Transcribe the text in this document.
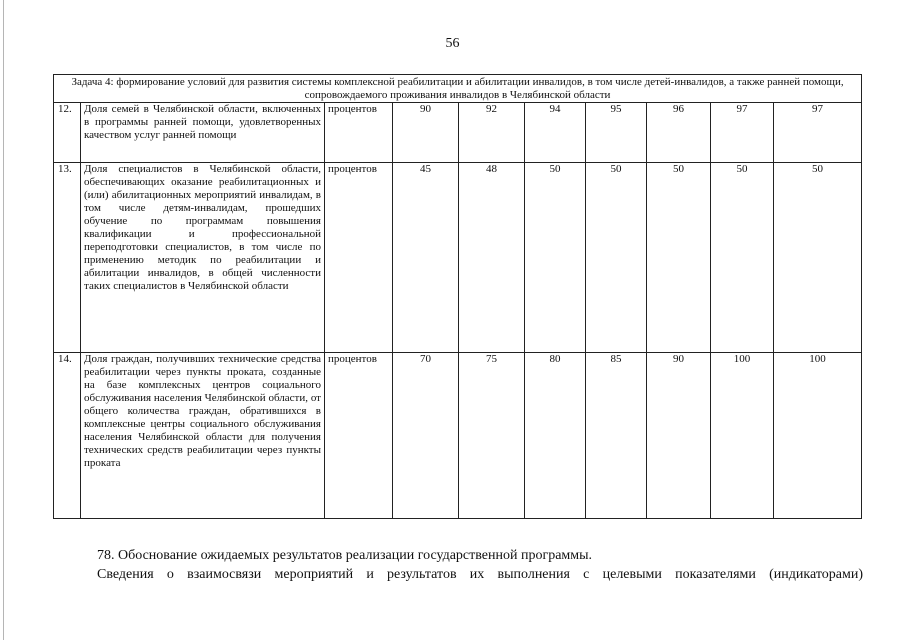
56
Задача 4: формирование условий для развития системы комплексной реабилитации и абилитации инвалидов, в том числе детей-инвалидов, а также ранней помощи, сопровождаемого проживания инвалидов в Челябинской области									
12.	Доля семей в Челябинской области, включенных в программы ранней помощи, удовлетворенных качеством услуг ранней помощи	процентов	90	92	94	95	96	97	97
13.	Доля специалистов в Челябинской области, обеспечивающих оказание реабилитационных и (или) абилитационных мероприятий инвалидам, в том числе детям-инвалидам, прошедших обучение по программам повышения квалификации и профессиональной переподготовки специалистов, в том числе по применению методик по реабилитации и абилитации инвалидов, в общей численности таких специалистов в Челябинской области	процентов	45	48	50	50	50	50	50
14.	Доля граждан, получивших технические средства реабилитации через пункты проката, созданные на базе комплексных центров социального обслуживания населения Челябинской области, от общего количества граждан, обратившихся в комплексные центры социального обслуживания населения Челябинской области для получения технических средств реабилитации через пункты проката	процентов	70	75	80	85	90	100	100
78. Обоснование ожидаемых результатов реализации государственной программы.
Сведения о взаимосвязи мероприятий и результатов их выполнения с целевыми показателями (индикаторами)
